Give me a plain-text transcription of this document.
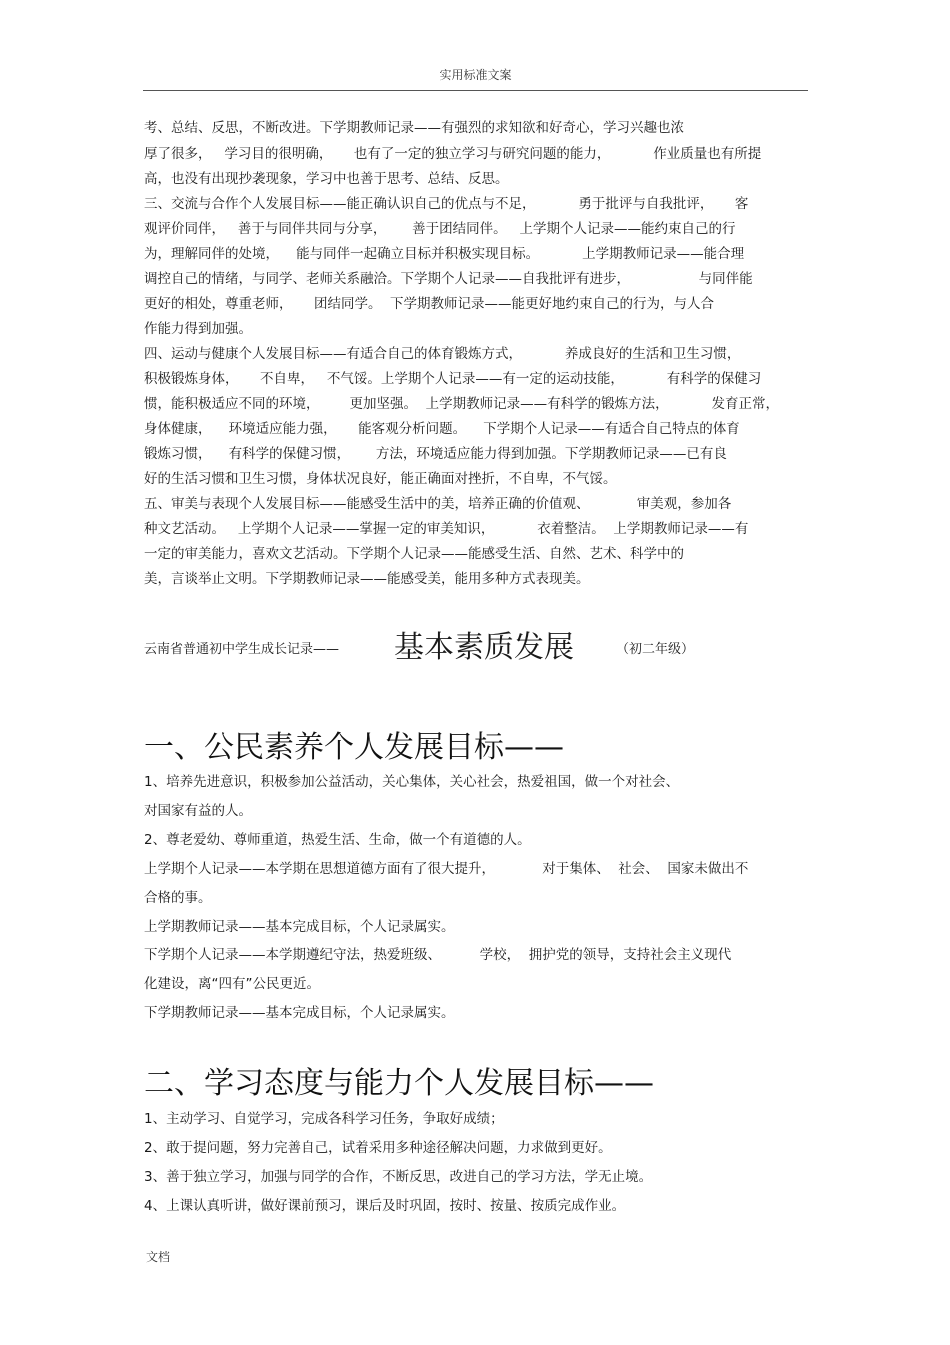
实用标准文案
考、总结、反思，不断改进。下学期教师记录——有强烈的求知欲和好奇心，学习兴趣也浓
厚了很多，   学习目的很明确，     也有了一定的独立学习与研究问题的能力，          作业质量也有所提
高，也没有出现抄袭现象，学习中也善于思考、总结、反思。
三、交流与合作个人发展目标——能正确认识自己的优点与不足，          勇于批评与自我批评，     客
观评价同伴，   善于与同伴共同与分享，      善于团结同伴。   上学期个人记录——能约束自己的行
为，理解同伴的处境，    能与同伴一起确立目标并积极实现目标。          上学期教师记录——能合理
调控自己的情绪，与同学、老师关系融洽。下学期个人记录——自我批评有进步，                与同伴能
更好的相处，尊重老师，     团结同学。  下学期教师记录——能更好地约束自己的行为，与人合
作能力得到加强。
四、运动与健康个人发展目标——有适合自己的体育锻炼方式，          养成良好的生活和卫生习惯，
积极锻炼身体，     不自卑，   不气馁。上学期个人记录——有一定的运动技能，          有科学的保健习
惯，能积极适应不同的环境，       更加坚强。  上学期教师记录——有科学的锻炼方法，          发育正常，
身体健康，    环境适应能力强，     能客观分析问题。    下学期个人记录——有适合自己特点的体育
锻炼习惯，    有科学的保健习惯，      方法，环境适应能力得到加强。下学期教师记录——已有良
好的生活习惯和卫生习惯，身体状况良好，能正确面对挫折，不自卑，不气馁。
五、审美与表现个人发展目标——能感受生活中的美，培养正确的价值观、           审美观，参加各
种文艺活动。   上学期个人记录——掌握一定的审美知识，          衣着整洁。  上学期教师记录——有
一定的审美能力，喜欢文艺活动。下学期个人记录——能感受生活、自然、艺术、科学中的
美，言谈举止文明。下学期教师记录——能感受美，能用多种方式表现美。
云南省普通初中学生成长记录—— 基本素质发展	（初二年级）
一、公民素养个人发展目标——
1、培养先进意识，积极参加公益活动，关心集体，关心社会，热爱祖国，做一个对社会、
对国家有益的人。
2、尊老爱幼、尊师重道，热爱生活、生命，做一个有道德的人。
上学期个人记录——本学期在思想道德方面有了很大提升，           对于集体、  社会、  国家未做出不
合格的事。
上学期教师记录——基本完成目标，个人记录属实。
下学期个人记录——本学期遵纪守法，热爱班级、         学校，  拥护党的领导，支持社会主义现代
化建设，离“四有”公民更近。
下学期教师记录——基本完成目标，个人记录属实。
二、学习态度与能力个人发展目标——
1、主动学习、自觉学习，完成各科学习任务，争取好成绩；
2、敢于提问题，努力完善自己，试着采用多种途径解决问题，力求做到更好。
3、善于独立学习，加强与同学的合作，不断反思，改进自己的学习方法，学无止境。
4、上课认真听讲，做好课前预习，课后及时巩固，按时、按量、按质完成作业。
文档
